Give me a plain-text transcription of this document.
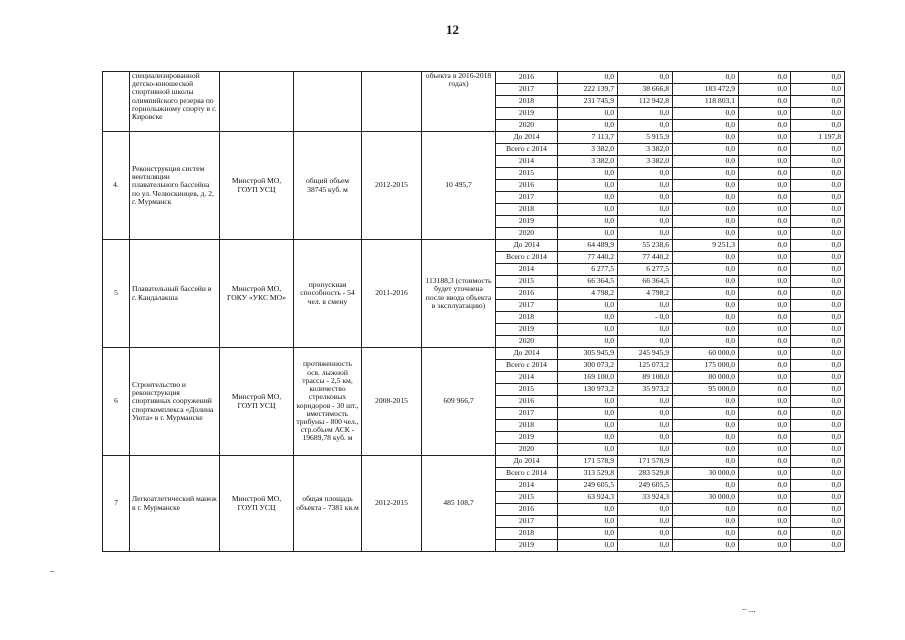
12
–
– ...
	специализированной детско-юношеской спортивной школы олимпийского резерва по горнолыжному спорту в г. Кировске				объекта в 2016-2018 годах)	2016	0,0	0,0	0,0	0,0	0,0
						2017	222 139,7	38 666,8	183 472,9	0,0	0,0
						2018	231 745,9	112 942,8	118 803,1	0,0	0,0
						2019	0,0	0,0	0,0	0,0	0,0
						2020	0,0	0,0	0,0	0,0	0,0
4.	Реконструкция систем вентиляции плавательного бассейна по ул. Челюскинцев, д. 2, г. Мурманск	Минстрой МО, ГОУП УСЦ	общий объем 38745 куб. м	2012-2015	10 495,7	До 2014	7 113,7	5 915,9	0,0	0,0	1 197,8
						Всего с 2014	3 382,0	3 382,0	0,0	0,0	0,0
						2014	3 382,0	3 382,0	0,0	0,0	0,0
						2015	0,0	0,0	0,0	0,0	0,0
						2016	0,0	0,0	0,0	0,0	0,0
						2017	0,0	0,0	0,0	0,0	0,0
						2018	0,0	0,0	0,0	0,0	0,0
						2019	0,0	0,0	0,0	0,0	0,0
						2020	0,0	0,0	0,0	0,0	0,0
5	Плавательный бассейн в г. Кандалакша	Минстрой МО, ГОКУ «УКС МО»	пропускная способность - 54 чел. в смену	2011-2016	113188,3 (стоимость будет уточнена после ввода объекта в эксплуатацию)	До 2014	64 489,9	55 238,6	9 251,3	0,0	0,0
						Всего с 2014	77 440,2	77 440,2	0,0	0,0	0,0
						2014	6 277,5	6 277,5	0,0	0,0	0,0
						2015	66 364,5	66 364,5	0,0	0,0	0,0
						2016	4 798,2	4 798,2	0,0	0,0	0,0
						2017	0,0	0,0	0,0	0,0	0,0
						2018	0,0	- 0,0	0,0	0,0	0,0
						2019	0,0	0,0	0,0	0,0	0,0
						2020	0,0	0,0	0,0	0,0	0,0
6	Строительство и реконструкция спортивных сооружений спорткомплекса «Долина Уюта» в г. Мурманске	Минстрой МО, ГОУП УСЦ	протяженность осв. лыжной трассы - 2,5 км, количество стрелковых коридоров - 30 шт., вместимость трибуны - 800 чел., стр.объем АСК - 19689,78 куб. м	2008-2015	609 966,7	До 2014	305 945,9	245 945,9	60 000,0	0,0	0,0
						Всего с 2014	300 073,2	125 073,2	175 000,0	0,0	0,0
						2014	169 100,0	89 100,0	80 000,0	0,0	0,0
						2015	130 973,2	35 973,2	95 000,0	0,0	0,0
						2016	0,0	0,0	0,0	0,0	0,0
						2017	0,0	0,0	0,0	0,0	0,0
						2018	0,0	0,0	0,0	0,0	0,0
						2019	0,0	0,0	0,0	0,0	0,0
						2020	0,0	0,0	0,0	0,0	0,0
7	Легкоатлетический манеж в г. Мурманске	Минстрой МО, ГОУП УСЦ	общая площадь объекта - 7381 кв.м	2012-2015	485 108,7	До 2014	171 578,9	171 578,9	0,0	0,0	0,0
						Всего с 2014	313 529,8	283 529,8	30 000,0	0,0	0,0
						2014	249 605,5	249 605,5	0,0	0,0	0,0
						2015	63 924,3	33 924,3	30 000,0	0,0	0,0
						2016	0,0	0,0	0,0	0,0	0,0
						2017	0,0	0,0	0,0	0,0	0,0
						2018	0,0	0,0	0,0	0,0	0,0
						2019	0,0	0,0	0,0	0,0	0,0
